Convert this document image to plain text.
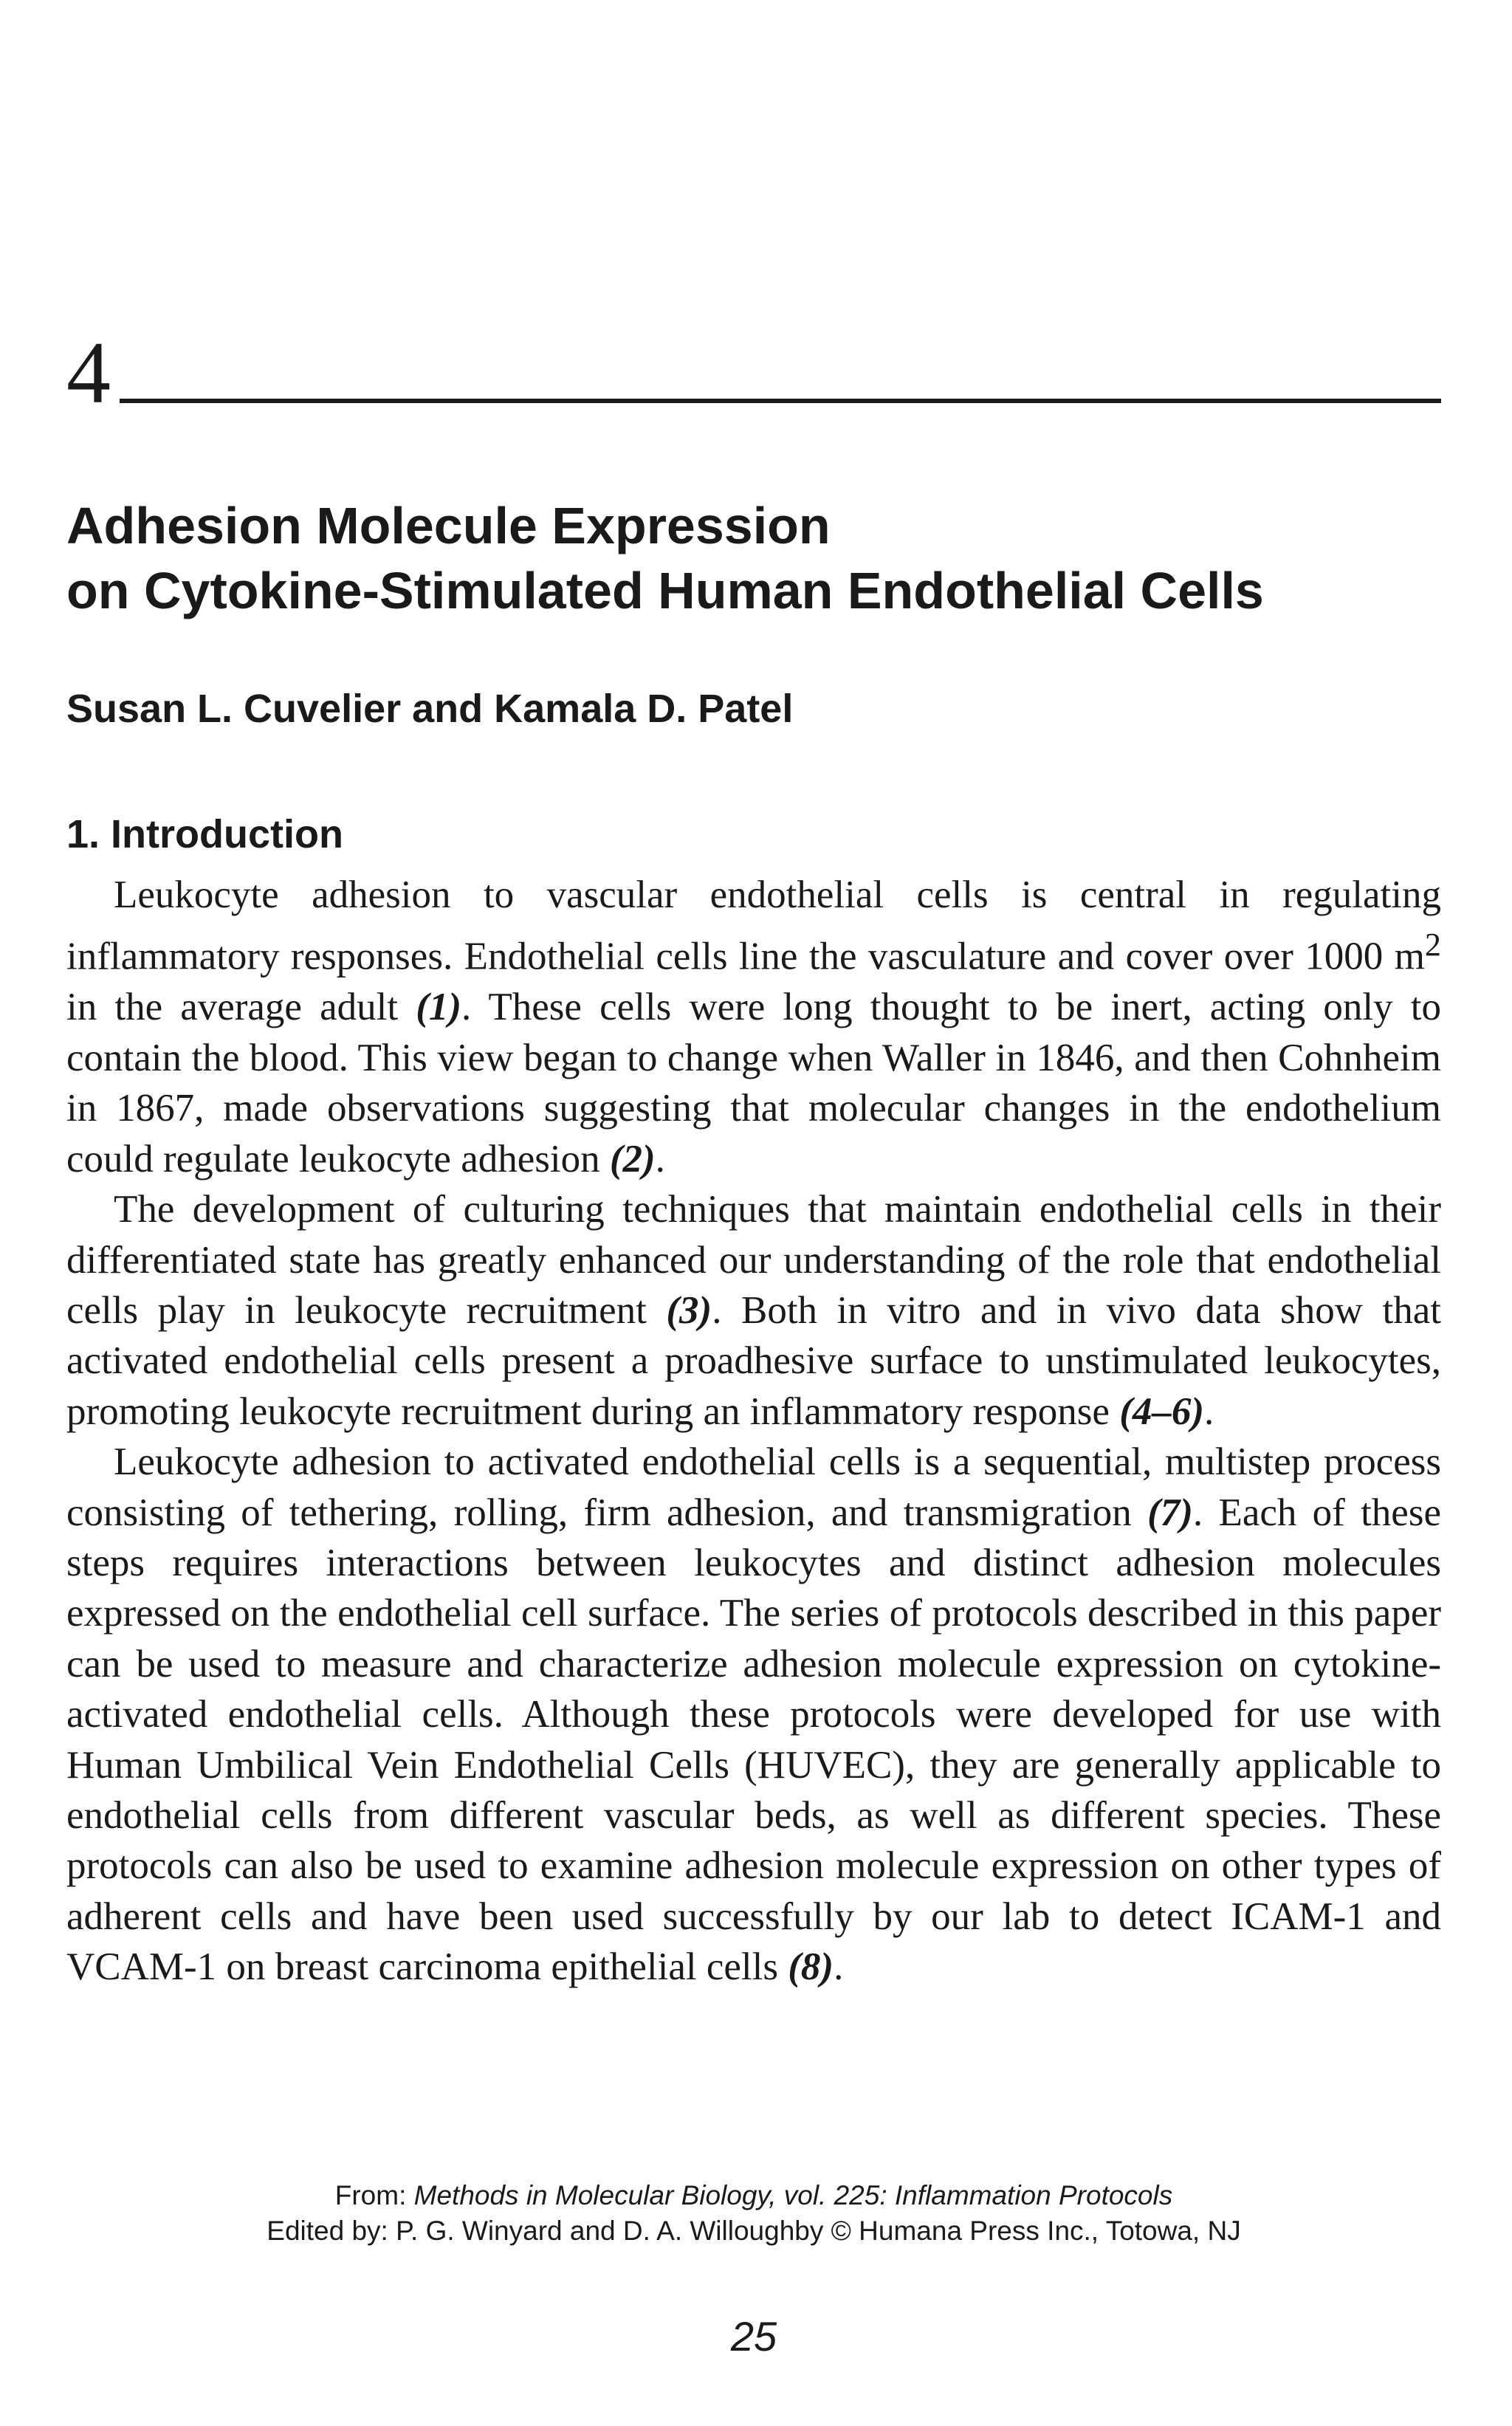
4
Adhesion Molecule Expression
on Cytokine-Stimulated Human Endothelial Cells
Susan L. Cuvelier and Kamala D. Patel
1. Introduction

Leukocyte adhesion to vascular endothelial cells is central in regulating inflammatory responses. Endothelial cells line the vasculature and cover over 1000 $m^2$ in the average adult (1). These cells were long thought to be inert, acting only to contain the blood. This view began to change when Waller in 1846, and then Cohnheim in 1867, made observations suggesting that molecular changes in the endothelium could regulate leukocyte adhesion (2).

The development of culturing techniques that maintain endothelial cells in their differentiated state has greatly enhanced our understanding of the role that endothelial cells play in leukocyte recruitment (3). Both in vitro and in vivo data show that activated endothelial cells present a proadhesive surface to unstimulated leukocytes, promoting leukocyte recruitment during an inflammatory response (4–6).

Leukocyte adhesion to activated endothelial cells is a sequential, multistep process consisting of tethering, rolling, firm adhesion, and transmigration (7). Each of these steps requires interactions between leukocytes and distinct adhesion molecules expressed on the endothelial cell surface. The series of protocols described in this paper can be used to measure and characterize adhesion molecule expression on cytokine-activated endothelial cells. Although these protocols were developed for use with Human Umbilical Vein Endothelial Cells (HUVEC), they are generally applicable to endothelial cells from different vascular beds, as well as different species. These protocols can also be used to examine adhesion molecule expression on other types of adherent cells and have been used successfully by our lab to detect ICAM-1 and VCAM-1 on breast carcinoma epithelial cells (8).

From: Methods in Molecular Biology, vol. 225: Inflammation Protocols
Edited by: P. G. Winyard and D. A. Willoughby © Humana Press Inc., Totowa, NJ
25
